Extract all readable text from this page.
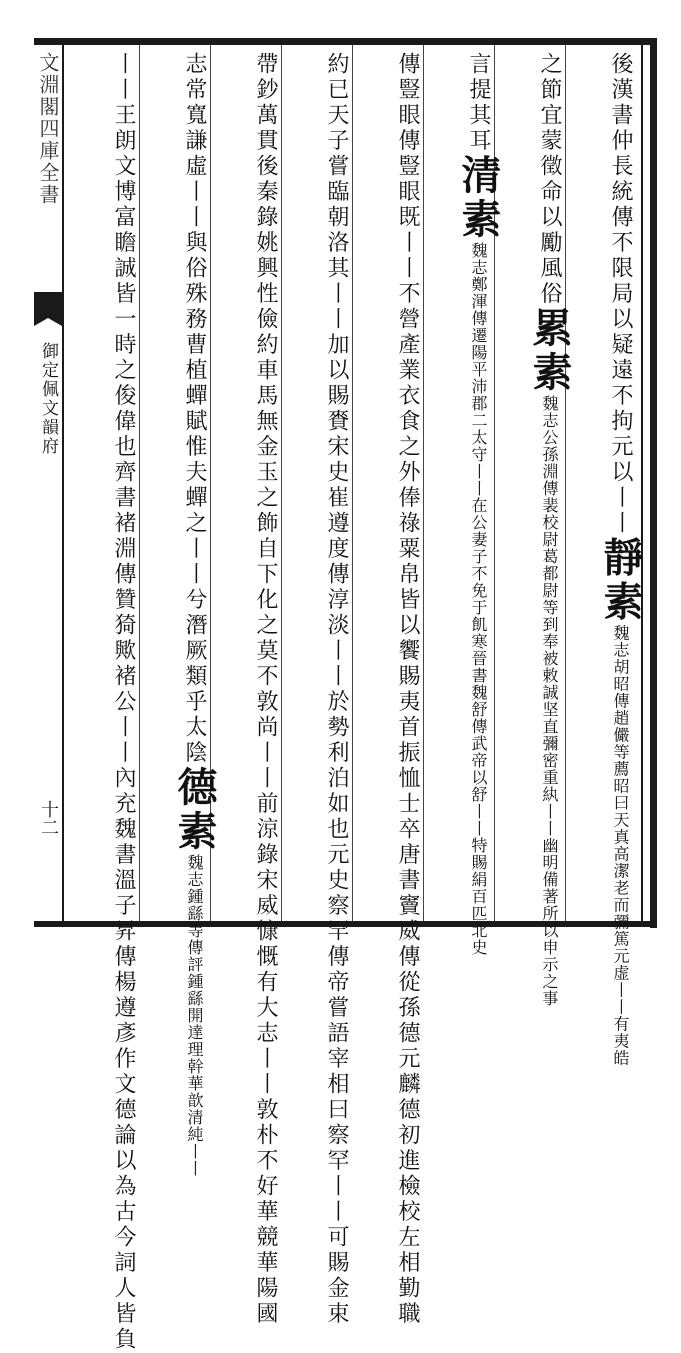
文淵閣四庫全書
御定佩文韻府
十二
後漢書仲長統傳不限局以疑遠不拘元以丨丨靜素魏志胡昭傳趙儼等薦昭曰天真高潔老而彌篤元虚丨丨有夷皓
之節宜蒙徵命以勵風俗累素魏志公孫淵傳裴校尉葛都尉等到奉被敕誠坚直彌密重紈丨丨幽明備著所以申示之事
言提其耳清素魏志鄭渾傳遷陽平沛郡二太守丨丨在公妻子不免于飢寒晉書魏舒傳武帝以舒丨丨特賜絹百匹北史
傳豎眼傳豎眼既丨丨不營產業衣食之外俸祿粟帛皆以饗賜夷首振恤士卒唐書竇威傳從孫德元麟德初進檢校左相勤職
約已天子嘗臨朝洛其丨丨加以賜賚宋史崔遵度傳淳淡丨丨於勢利泊如也元史察罕傳帝嘗語宰相曰察罕丨丨可賜金束
帶鈔萬貫後秦錄姚興性儉約車馬無金玉之飾自下化之莫不敦尚丨丨前涼錄宋威慷慨有大志丨丨敦朴不好華競華陽國
志常寬謙虛丨丨與俗殊務曹植蟬賦惟夫蟬之丨丨兮潛厥類乎太陰德素魏志鍾繇等傳評鍾繇開達理幹華歆清純丨丨
丨丨王朗文博富瞻誠皆一時之俊偉也齊書褚淵傳贊猗歟褚公丨丨內充魏書溫子昇傳楊遵彥作文德論以為古今詞人皆負
